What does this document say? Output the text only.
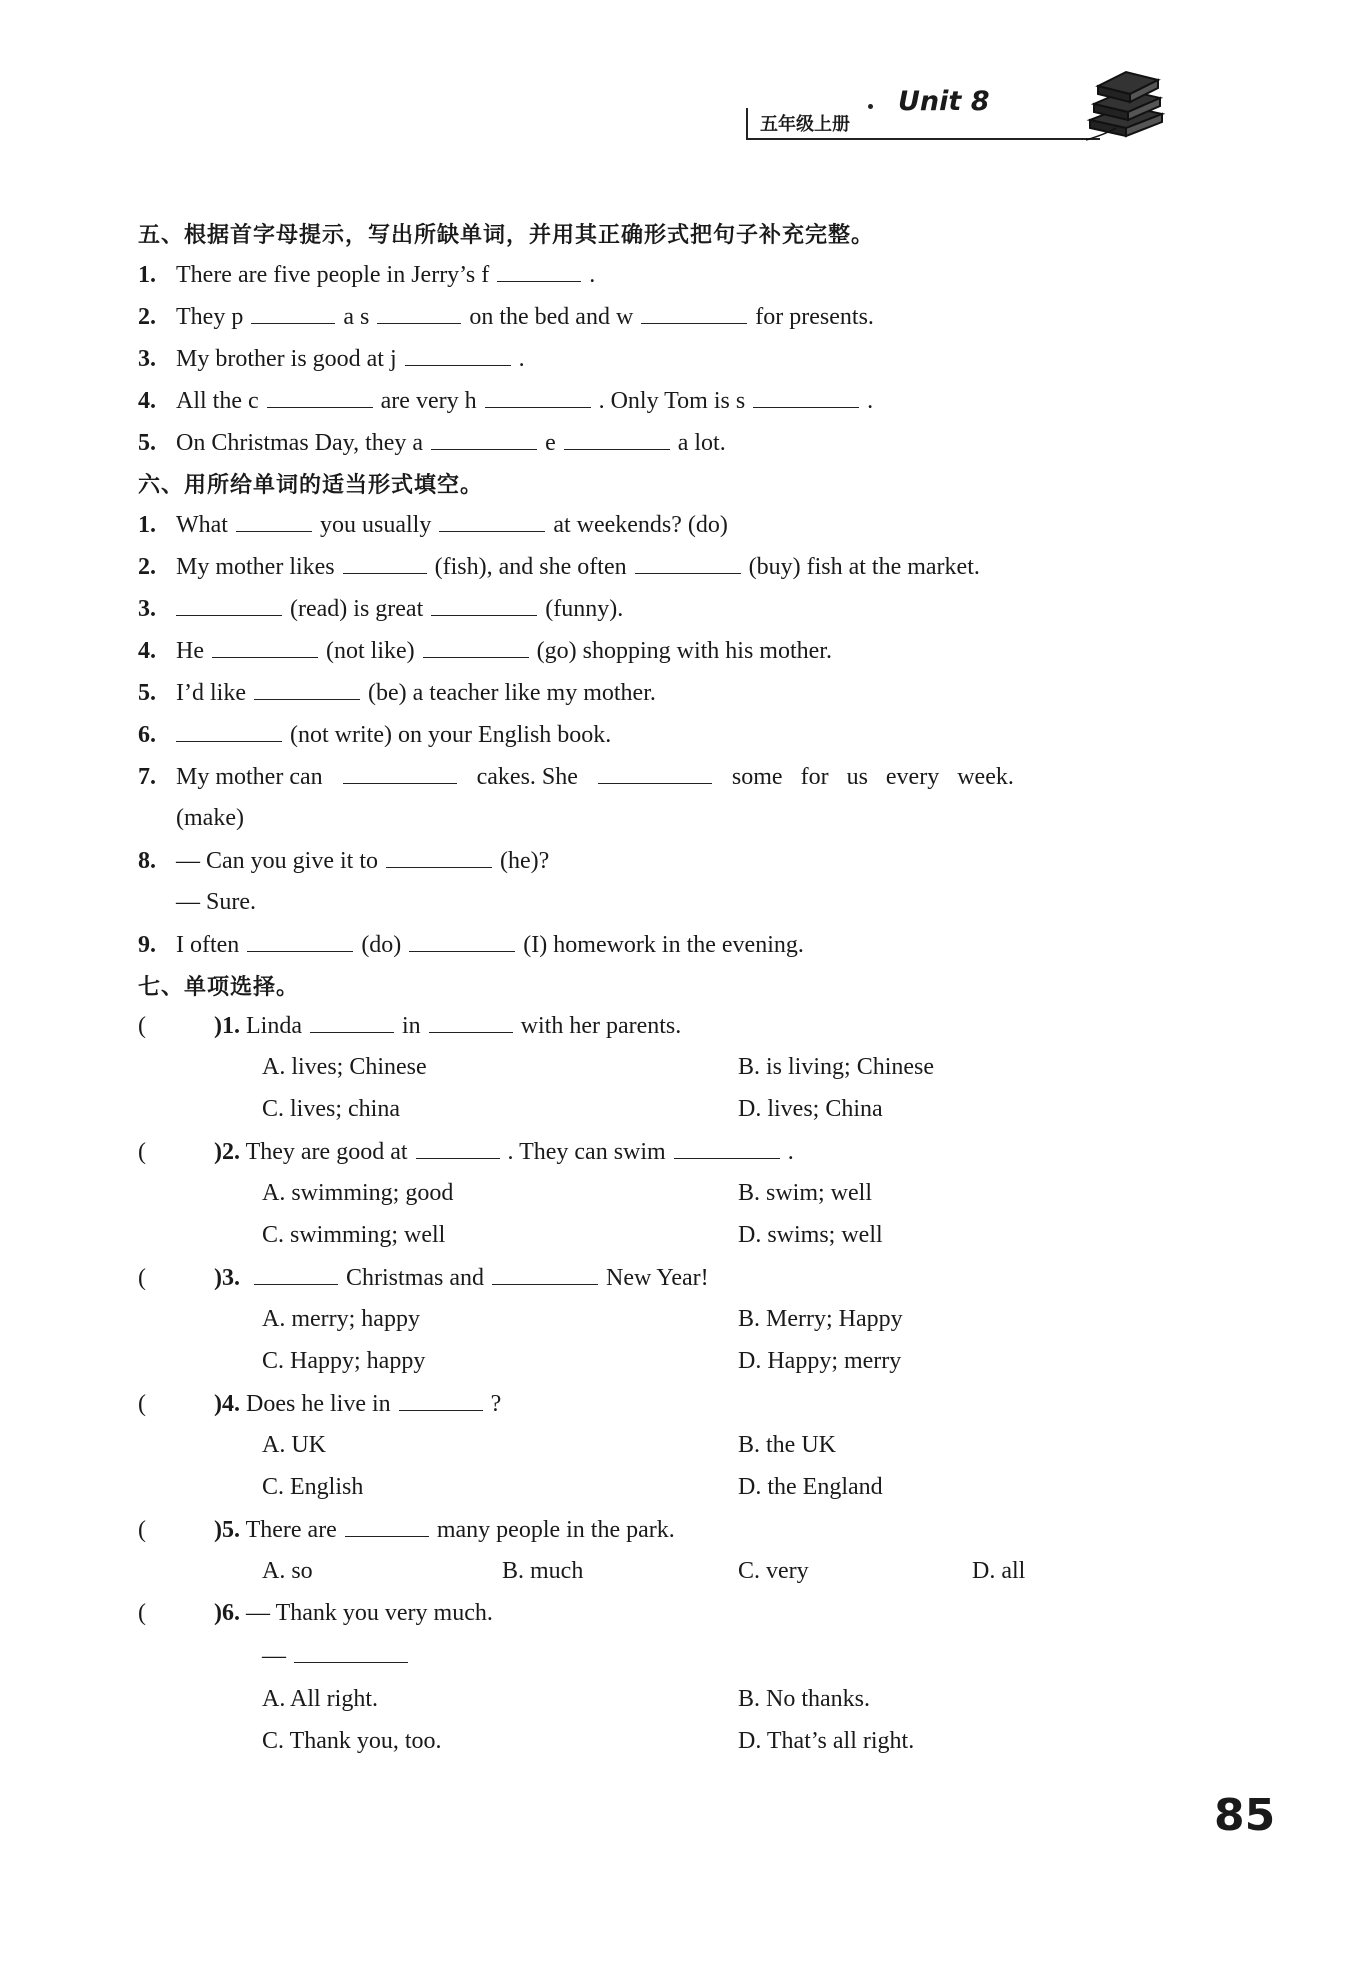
五年级上册
Unit 8
五、根据首字母提示，写出所缺单词，并用其正确形式把句子补充完整。
1. There are five people in Jerry’s f	.
2. They p	a s	on the bed and w	for presents.
3. My brother is good at j	.
4. All the c	are very h	. Only Tom is s	.
5. On Christmas Day, they a	e	a lot.
六、用所给单词的适当形式填空。
1. What	you usually	at weekends? (do)
2. My mother likes	(fish), and she often	(buy) fish at the market.
3.	(read) is great	(funny).
4. He	(not like)	(go) shopping with his mother.
5. I’d like	(be) a teacher like my mother.
6.	(not write) on your English book.
7. My mother can	cakes. She	some for us every week.
(make)
8. — Can you give it to	(he)?
— Sure.
9. I often	(do)	(I) homework in the evening.
七、单项选择。
(	)1. Linda	in	with her parents.
A. lives; Chinese	B. is living; Chinese
C. lives; china	D. lives; China
(	)2. They are good at	. They can swim	.
A. swimming; good	B. swim; well
C. swimming; well	D. swims; well
(	)3.	Christmas and	New Year!
A. merry; happy	B. Merry; Happy
C. Happy; happy	D. Happy; merry
(	)4. Does he live in	?
A. UK	B. the UK
C. English	D. the England
(	)5. There are	many people in the park.
A. so	B. much	C. very	D. all
(	)6. — Thank you very much.
—
A. All right.	B. No thanks.
C. Thank you, too.	D. That’s all right.
85
